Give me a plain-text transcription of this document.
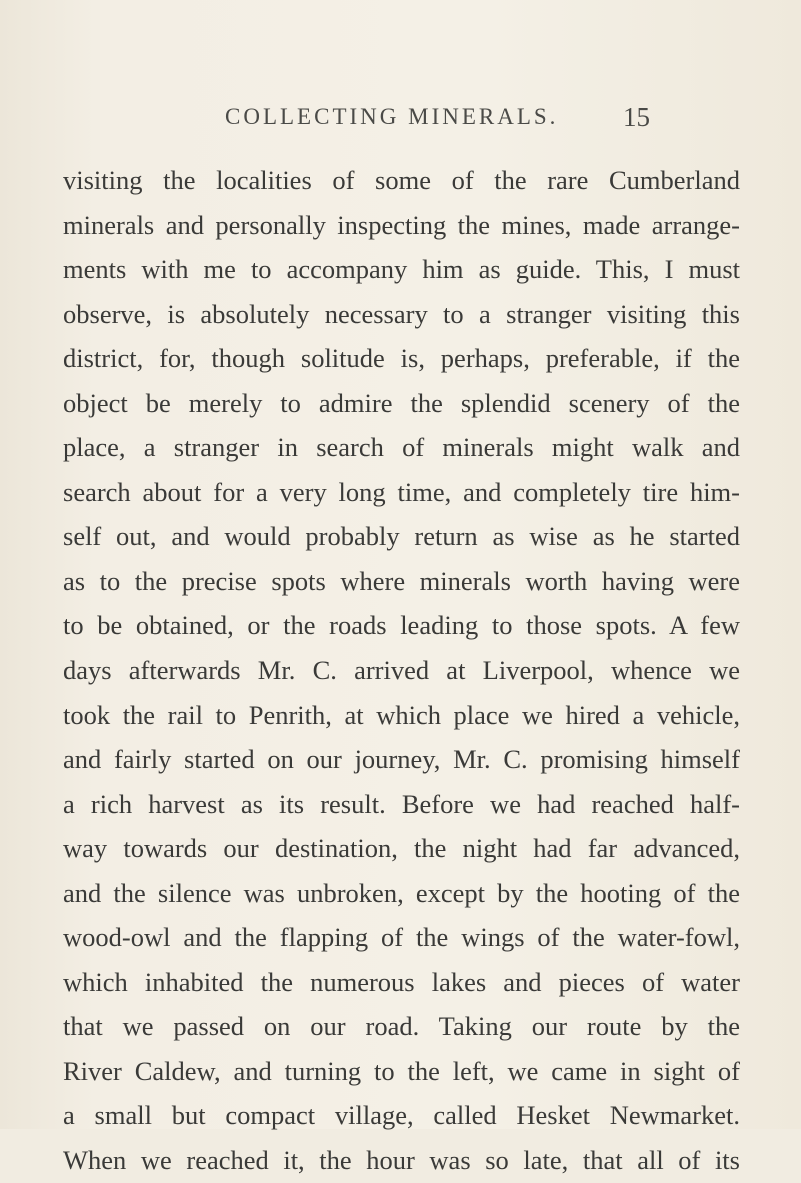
COLLECTING MINERALS. 15
visiting the localities of some of the rare Cumberland
minerals and personally inspecting the mines, made arrange-
ments with me to accompany him as guide. This, I must
observe, is absolutely necessary to a stranger visiting this
district, for, though solitude is, perhaps, preferable, if the
object be merely to admire the splendid scenery of the
place, a stranger in search of minerals might walk and
search about for a very long time, and completely tire him-
self out, and would probably return as wise as he started
as to the precise spots where minerals worth having were
to be obtained, or the roads leading to those spots. A few
days afterwards Mr. C. arrived at Liverpool, whence we
took the rail to Penrith, at which place we hired a vehicle,
and fairly started on our journey, Mr. C. promising himself
a rich harvest as its result. Before we had reached half-
way towards our destination, the night had far advanced,
and the silence was unbroken, except by the hooting of the
wood-owl and the flapping of the wings of the water-fowl,
which inhabited the numerous lakes and pieces of water
that we passed on our road. Taking our route by the
River Caldew, and turning to the left, we came in sight of
a small but compact village, called Hesket Newmarket.
When we reached it, the hour was so late, that all of its
